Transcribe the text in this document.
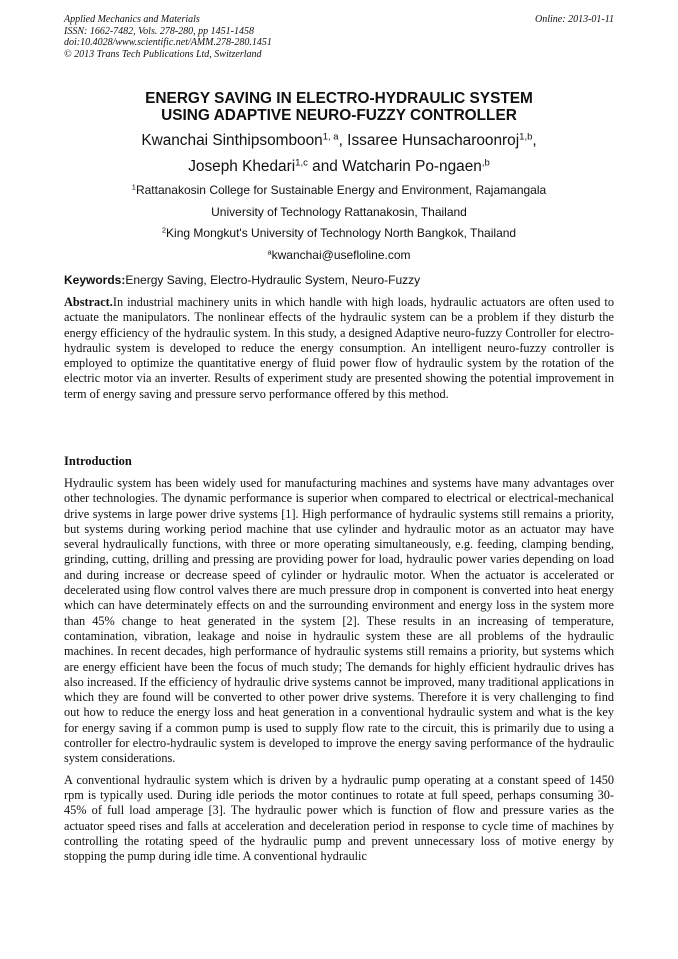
Applied Mechanics and Materials
ISSN: 1662-7482, Vols. 278-280, pp 1451-1458
doi:10.4028/www.scientific.net/AMM.278-280.1451
© 2013 Trans Tech Publications Ltd, Switzerland
Online: 2013-01-11
ENERGY SAVING IN ELECTRO-HYDRAULIC SYSTEM
USING ADAPTIVE NEURO-FUZZY CONTROLLER
Kwanchai Sinthipsomboon$^{1, a}$, Issaree Hunsacharoonroj$^{1,b}$,
Joseph Khedari$^{1,c}$ and Watcharin Po-ngaen$^{,b}$
$^1$Rattanakosin College for Sustainable Energy and Environment, Rajamangala
University of Technology Rattanakosin, Thailand
$^2$King Mongkut's University of Technology North Bangkok, Thailand
$^a$kwanchai@usefloline.com
Keywords:Energy Saving, Electro-Hydraulic System, Neuro-Fuzzy
Abstract.In industrial machinery units in which handle with high loads, hydraulic actuators are often used to actuate the manipulators. The nonlinear effects of the hydraulic system can be a problem if they disturb the energy efficiency of the hydraulic system. In this study, a designed Adaptive neuro-fuzzy Controller for electro-hydraulic system is developed to reduce the energy consumption. An intelligent neuro-fuzzy controller is employed to optimize the quantitative energy of fluid power flow of hydraulic system by the rotation of the electric motor via an inverter. Results of experiment study are presented showing the potential improvement in term of energy saving and pressure servo performance offered by this method.
Introduction

Hydraulic system has been widely used for manufacturing machines and systems have many advantages over other technologies. The dynamic performance is superior when compared to electrical or electrical-mechanical drive systems in large power drive systems [1]. High performance of hydraulic systems still remains a priority, but systems during working period machine that use cylinder and hydraulic motor as an actuator may have several hydraulically functions, with three or more operating simultaneously, e.g. feeding, clamping bending, grinding, cutting, drilling and pressing are providing power for load, hydraulic power varies depending on load and during increase or decrease speed of cylinder or hydraulic motor. When the actuator is accelerated or decelerated using flow control valves there are much pressure drop in component is converted into heat energy which can have determinately effects on and the surrounding environment and energy loss in the system more than 45% change to heat generated in the system [2]. These results in an increasing of temperature, contamination, vibration, leakage and noise in hydraulic system these are all problems of the hydraulic machines. In recent decades, high performance of hydraulic systems still remains a priority, but systems which are energy efficient have been the focus of much study; The demands for highly efficient hydraulic drives has also increased. If the efficiency of hydraulic drive systems cannot be improved, many traditional applications in which they are found will be converted to other power drive systems. Therefore it is very challenging to find out how to reduce the energy loss and heat generation in a conventional hydraulic system and what is the key for energy saving if a common pump is used to supply flow rate to the circuit, this is primarily due to using a controller for electro-hydraulic system is developed to improve the energy saving performance of the hydraulic system considerations.

A conventional hydraulic system which is driven by a hydraulic pump operating at a constant speed of 1450 rpm is typically used. During idle periods the motor continues to rotate at full speed, perhaps consuming 30-45% of full load amperage [3]. The hydraulic power which is function of flow and pressure varies as the actuator speed rises and falls at acceleration and deceleration period in response to cycle time of machines by controlling the rotating speed of the hydraulic pump and prevent unnecessary loss of motive energy by stopping the pump during idle time. A conventional hydraulic
